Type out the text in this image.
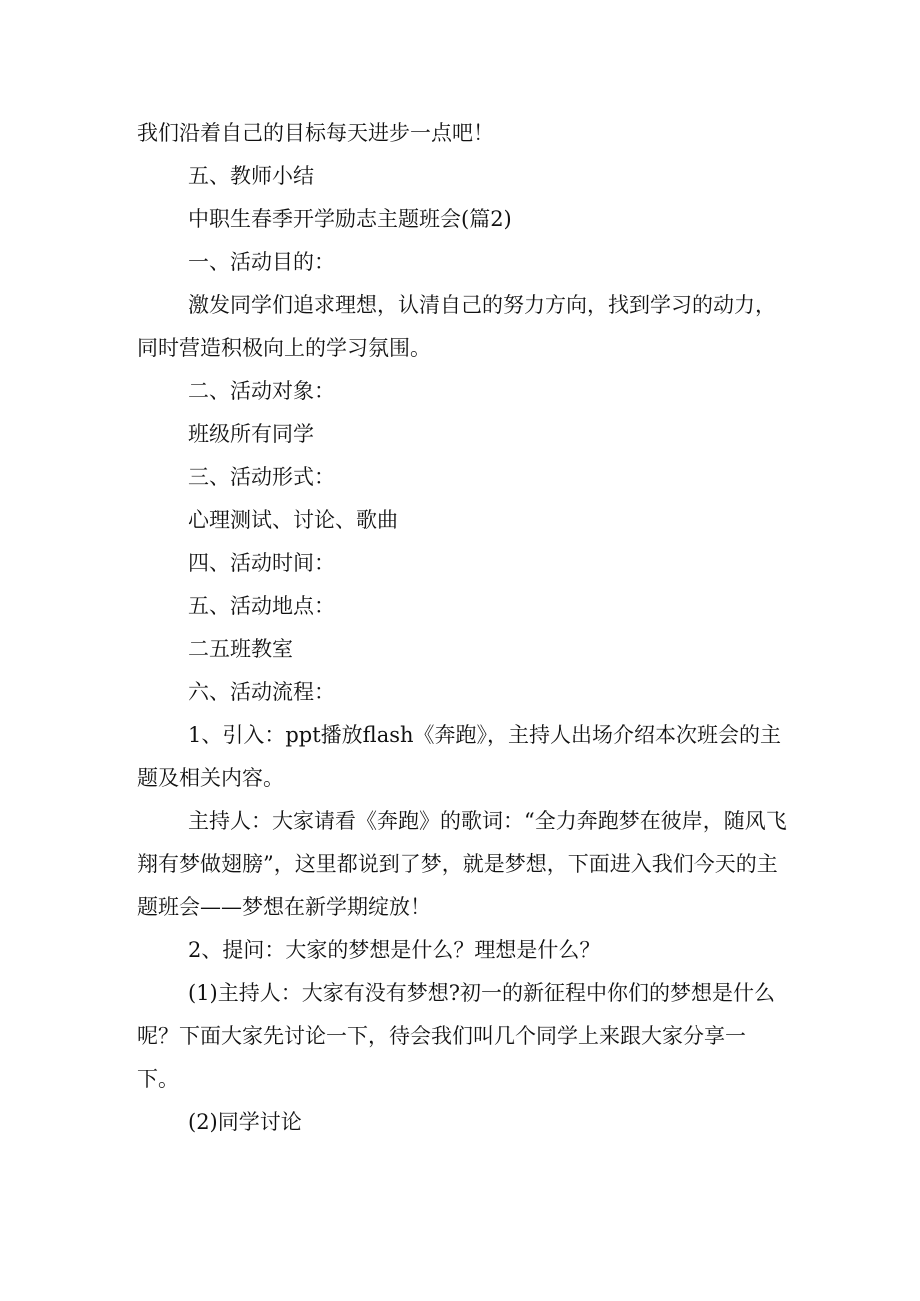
我们沿着自己的目标每天进步一点吧！

五、教师小结

中职生春季开学励志主题班会(篇2)

一、活动目的：

激发同学们追求理想，认清自己的努力方向，找到学习的动力，同时营造积极向上的学习氛围。

二、活动对象：

班级所有同学

三、活动形式：

心理测试、讨论、歌曲

四、活动时间：

五、活动地点：

二五班教室

六、活动流程：

1、引入：ppt播放flash《奔跑》，主持人出场介绍本次班会的主题及相关内容。

主持人：大家请看《奔跑》的歌词：“全力奔跑梦在彼岸，随风飞翔有梦做翅膀”，这里都说到了梦，就是梦想，下面进入我们今天的主题班会——梦想在新学期绽放！

2、提问：大家的梦想是什么？理想是什么？

(1)主持人：大家有没有梦想?初一的新征程中你们的梦想是什么呢？下面大家先讨论一下，待会我们叫几个同学上来跟大家分享一下。

(2)同学讨论
